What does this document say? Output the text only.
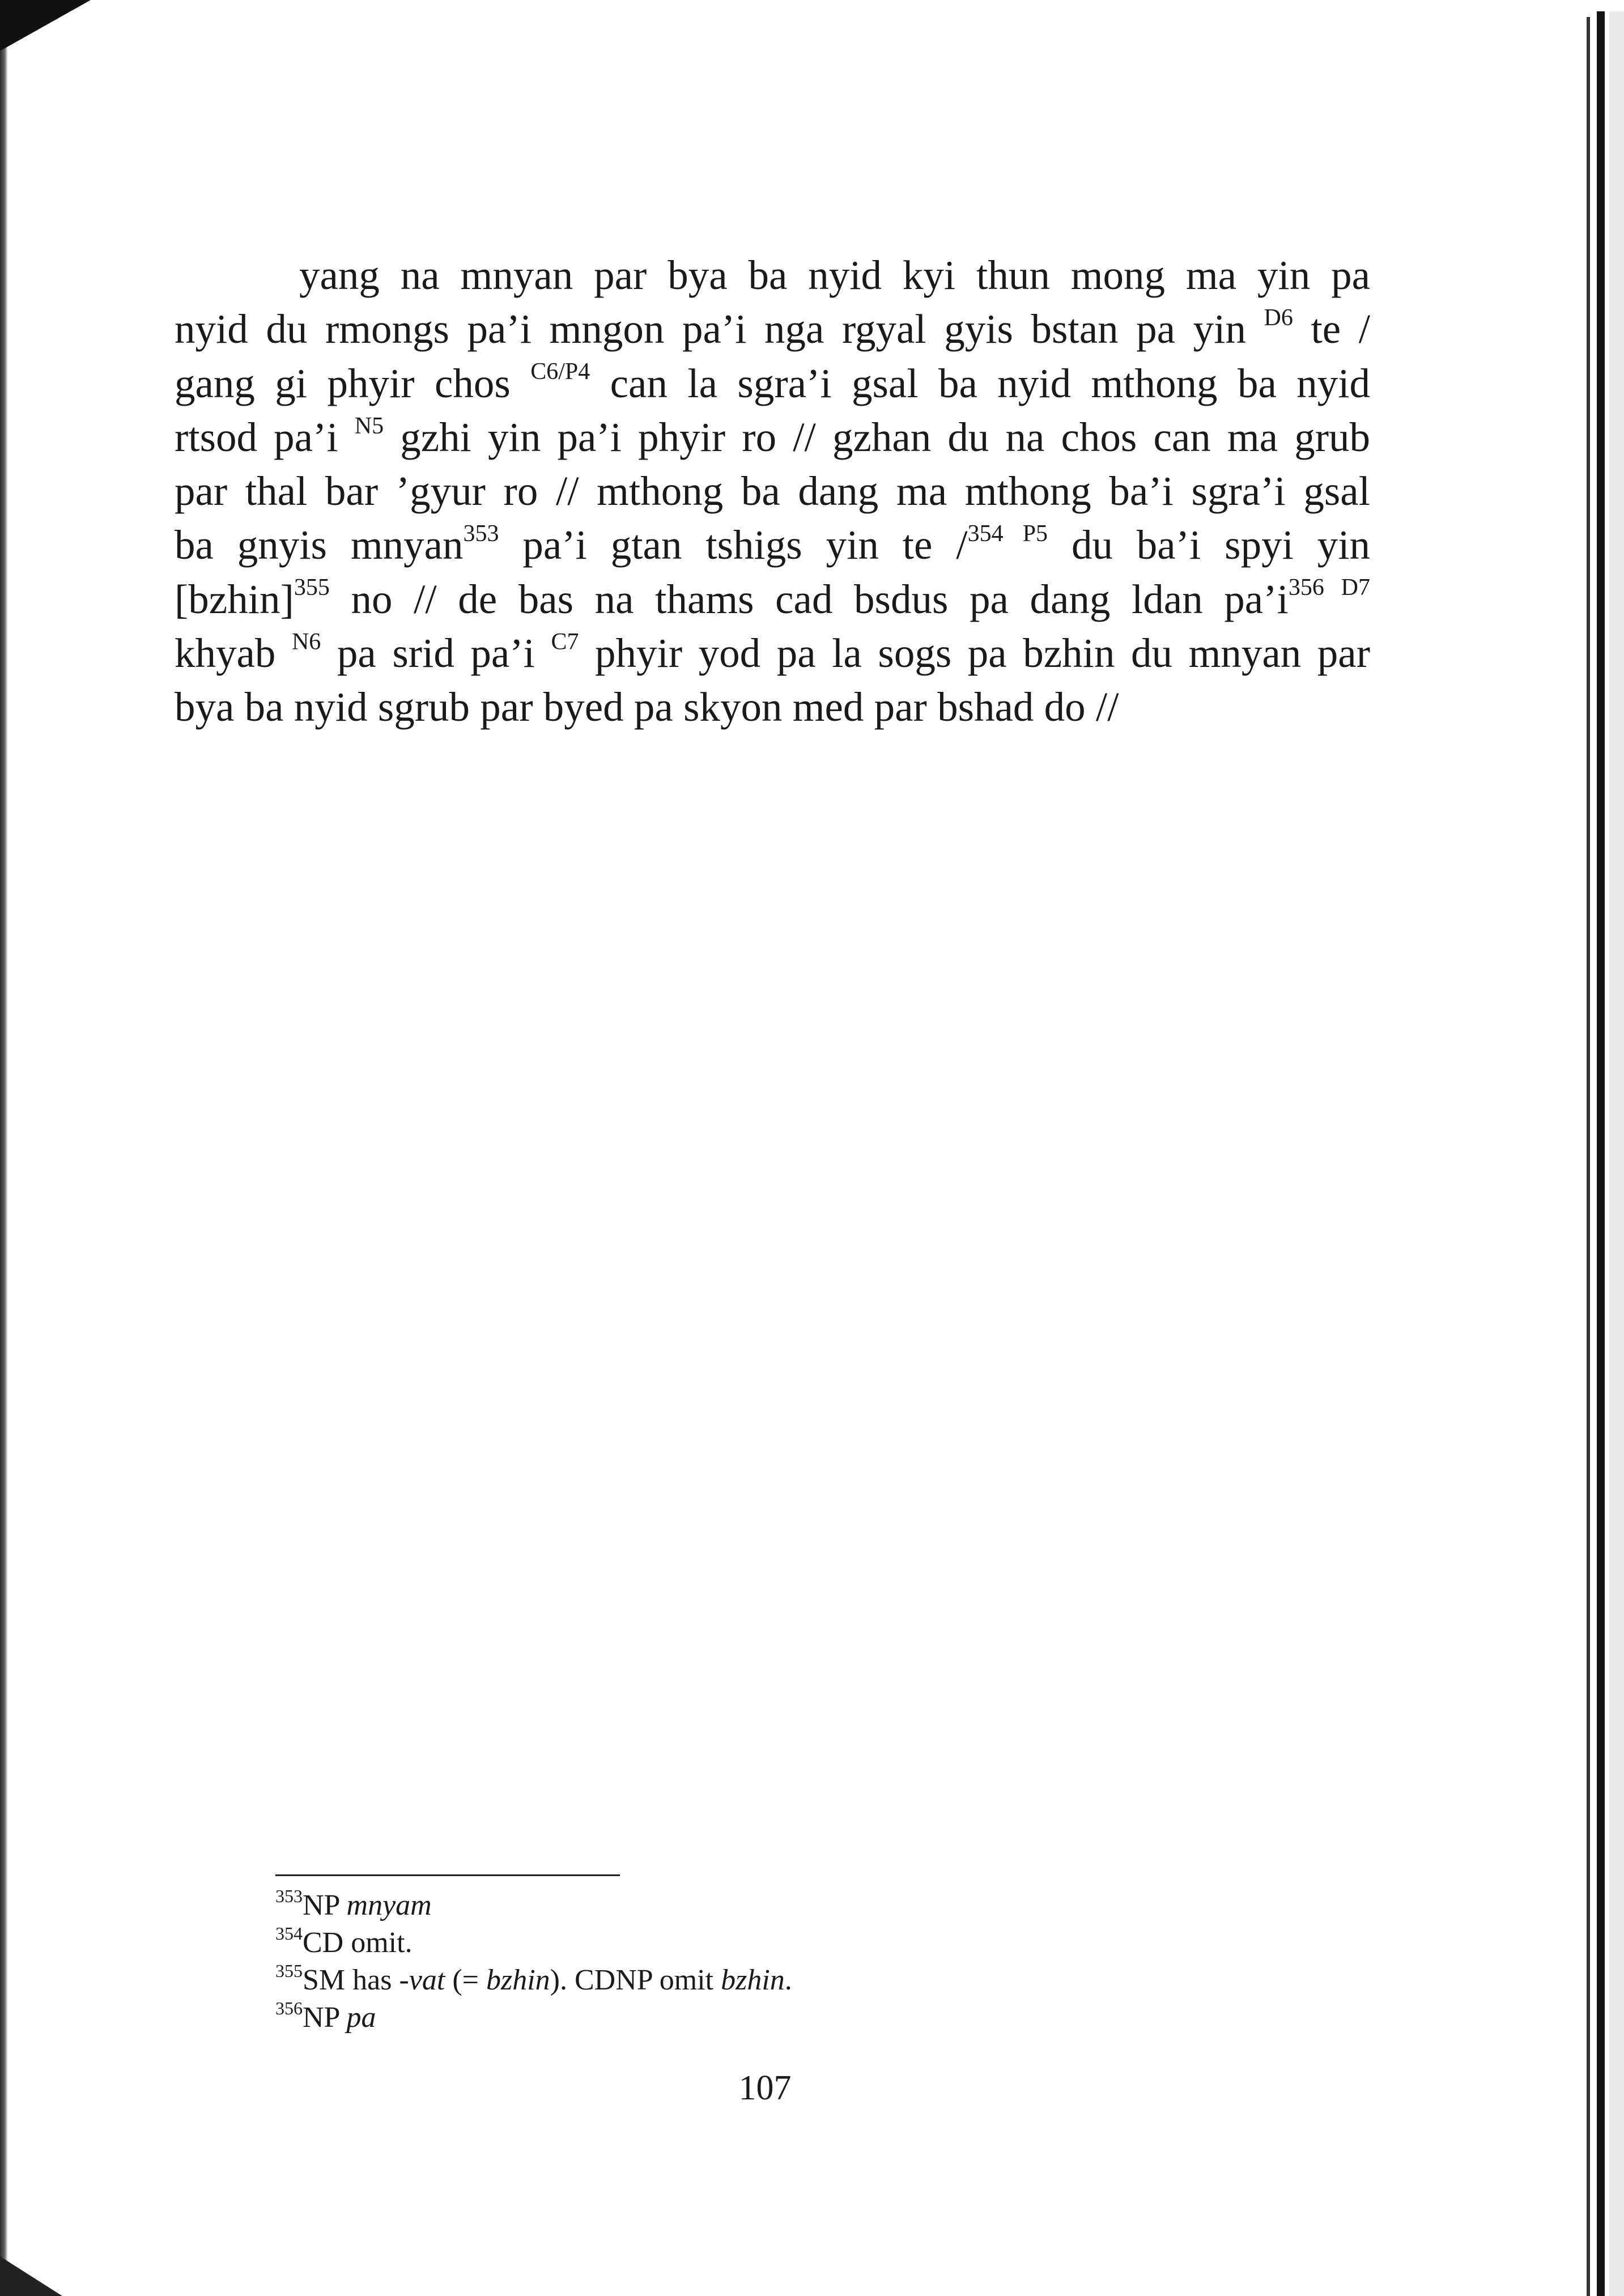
yang na mnyan par bya ba nyid kyi thun mong ma yin pa
nyid du rmongs pa’i mngon pa’i nga rgyal gyis bstan pa yin $^{D6}$ te /
gang gi phyir chos $^{C6/P4}$ can la sgra’i gsal ba nyid mthong ba nyid
rtsod pa’i $^{N5}$ gzhi yin pa’i phyir ro // gzhan du na chos can ma grub
par thal bar ’gyur ro // mthong ba dang ma mthong ba’i sgra’i gsal
ba gnyis mnyan$^{353}$ pa’i gtan tshigs yin te /$^{354 P5}$ du ba’i spyi yin
[bzhin]$^{355}$ no // de bas na thams cad bsdus pa dang ldan $pa’i^{356 D7}$
khyab $^{N6}$ pa srid pa’i $^{C7}$ phyir yod pa la sogs pa bzhin du mnyan par
bya ba nyid sgrub par byed pa skyon med par bshad do //
$^{353}$NP mnyam
$^{354}$CD omit.
$^{355}$SM has -vat (= bzhin). CDNP omit bzhin.
$^{356}$NP pa
107
